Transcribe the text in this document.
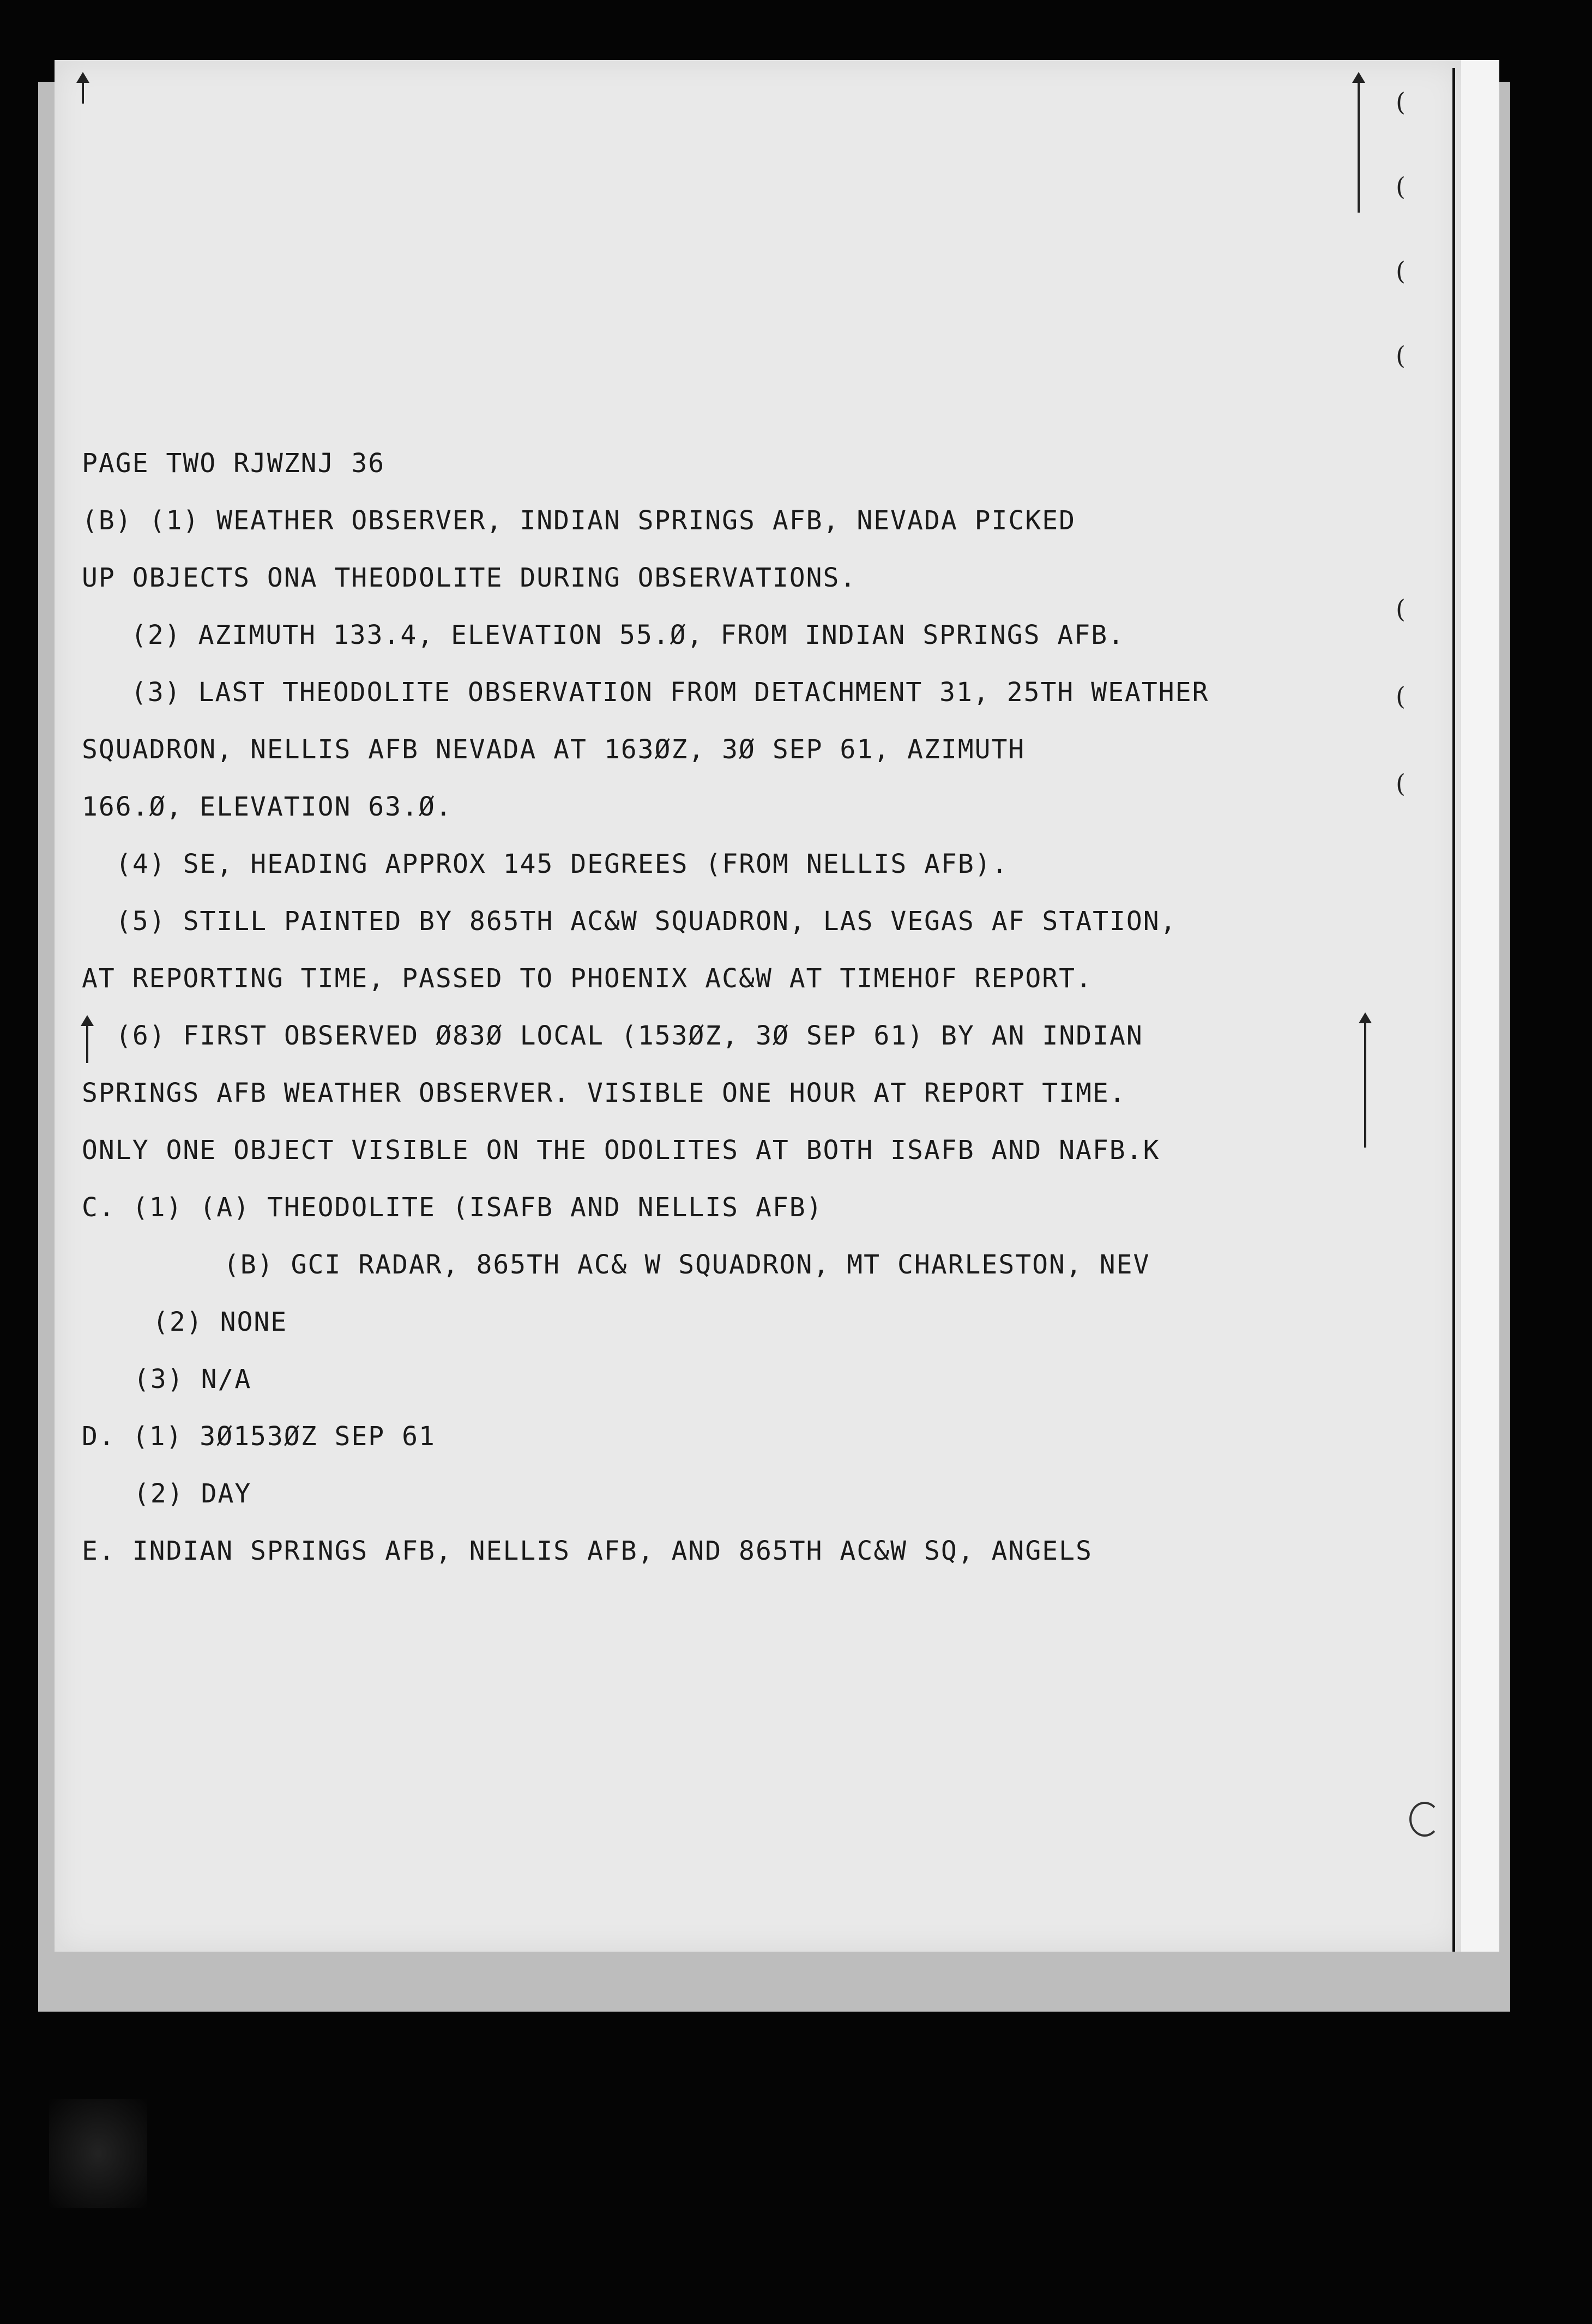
(
(
(
(
(
(
(
PAGE TWO RJWZNJ 36
(B) (1) WEATHER OBSERVER, INDIAN SPRINGS AFB, NEVADA PICKED
UP OBJECTS ONA THEODOLITE DURING OBSERVATIONS.
(2) AZIMUTH 133.4, ELEVATION 55.Ø, FROM INDIAN SPRINGS AFB.
(3) LAST THEODOLITE OBSERVATION FROM DETACHMENT 31, 25TH WEATHER
SQUADRON, NELLIS AFB NEVADA AT 163ØZ, 3Ø SEP 61, AZIMUTH
166.Ø, ELEVATION 63.Ø.
(4) SE, HEADING APPROX 145 DEGREES (FROM NELLIS AFB).
(5) STILL PAINTED BY 865TH AC&W SQUADRON, LAS VEGAS AF STATION,
AT REPORTING TIME, PASSED TO PHOENIX AC&W AT TIMEHOF REPORT.
(6) FIRST OBSERVED Ø83Ø LOCAL (153ØZ, 3Ø SEP 61) BY AN INDIAN
SPRINGS AFB WEATHER OBSERVER. VISIBLE ONE HOUR AT REPORT TIME.
ONLY ONE OBJECT VISIBLE ON THE ODOLITES AT BOTH ISAFB AND NAFB.K
C. (1) (A) THEODOLITE (ISAFB AND NELLIS AFB)
(B) GCI RADAR, 865TH AC& W SQUADRON, MT CHARLESTON, NEV
(2) NONE
(3) N/A
D. (1) 3Ø153ØZ SEP 61
(2) DAY
E. INDIAN SPRINGS AFB, NELLIS AFB, AND 865TH AC&W SQ, ANGELS
